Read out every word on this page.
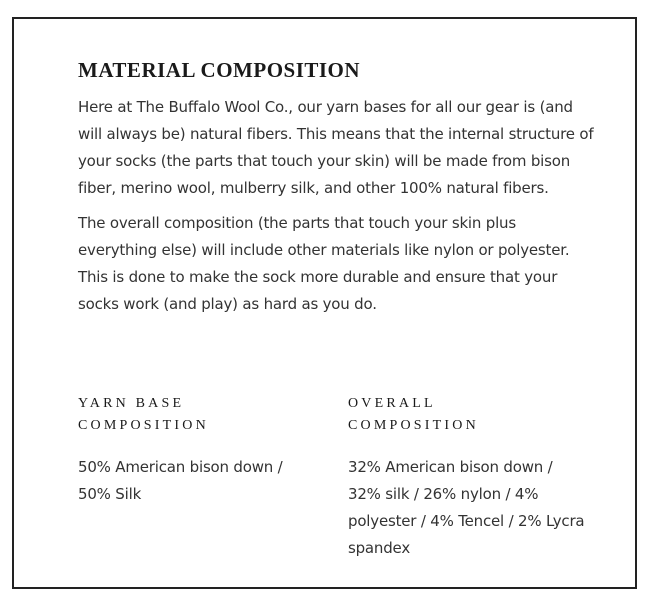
MATERIAL COMPOSITION

Here at The Buffalo Wool Co., our yarn bases for all our gear is (and will always be) natural fibers. This means that the internal structure of your socks (the parts that touch your skin) will be made from bison fiber, merino wool, mulberry silk, and other 100% natural fibers.

The overall composition (the parts that touch your skin plus everything else) will include other materials like nylon or polyester. This is done to make the sock more durable and ensure that your socks work (and play) as hard as you do.

YARN BASE COMPOSITION
50% American bison down / 50% Silk
OVERALL COMPOSITION
32% American bison down / 32% silk / 26% nylon / 4% polyester / 4% Tencel / 2% Lycra spandex
